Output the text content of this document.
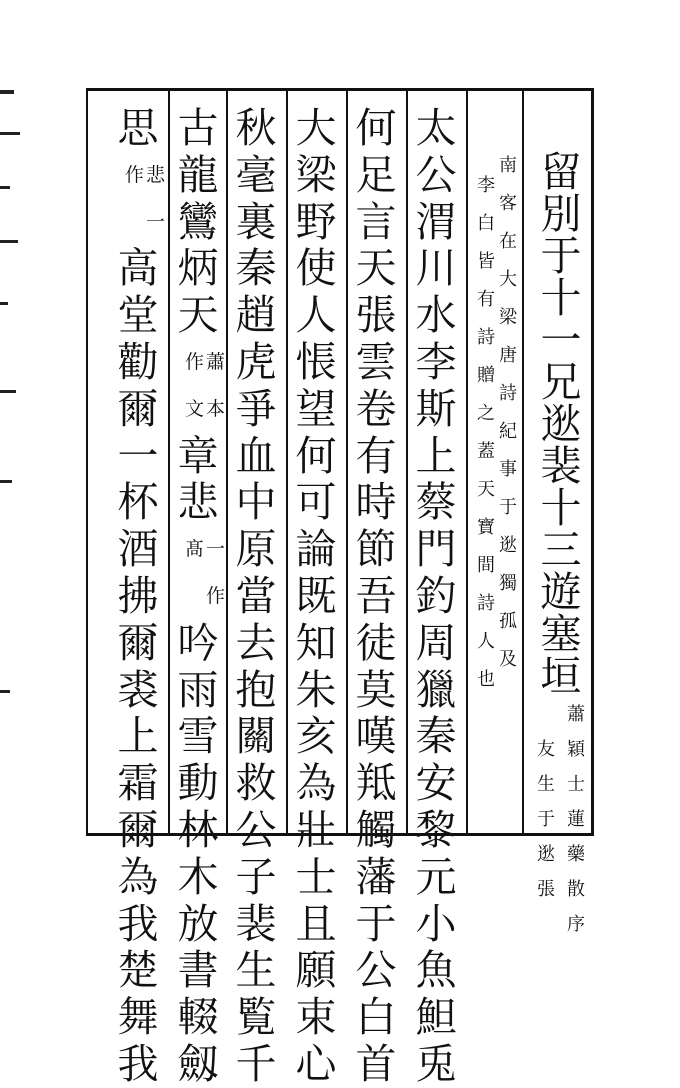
留
別
于
十
一
兄
逖
裴
十
三
遊
塞
垣
蕭
穎
士
蓮
藥
散
序
友
生
于
逖
張
南
客
在
大
梁
唐
詩
紀
事
于
逖
獨
孤
及
李
白
皆
有
詩
贈
之
蓋
天
寶
間
詩
人
也
太
公
渭
川
水
李
斯
上
蔡
門
釣
周
獵
秦
安
黎
元
小
魚
䱇
兎
何
足
言
天
張
雲
卷
有
時
節
吾
徒
莫
嘆
羝
觸
藩
于
公
白
首
大
梁
野
使
人
悵
望
何
可
論
既
知
朱
亥
為
壯
士
且
願
束
心
秋
毫
裏
秦
趙
虎
爭
血
中
原
當
去
抱
關
救
公
子
裴
生
覧
千
古
龍
鸞
炳
天
作 蕭
文 本
章
悲
髙 一
作
吟
雨
雪
動
林
木
放
書
輟
劔
思
作 悲
一
高
堂
勸
爾
一
杯
酒
拂
爾
裘
上
霜
爾
為
我
楚
舞
我
